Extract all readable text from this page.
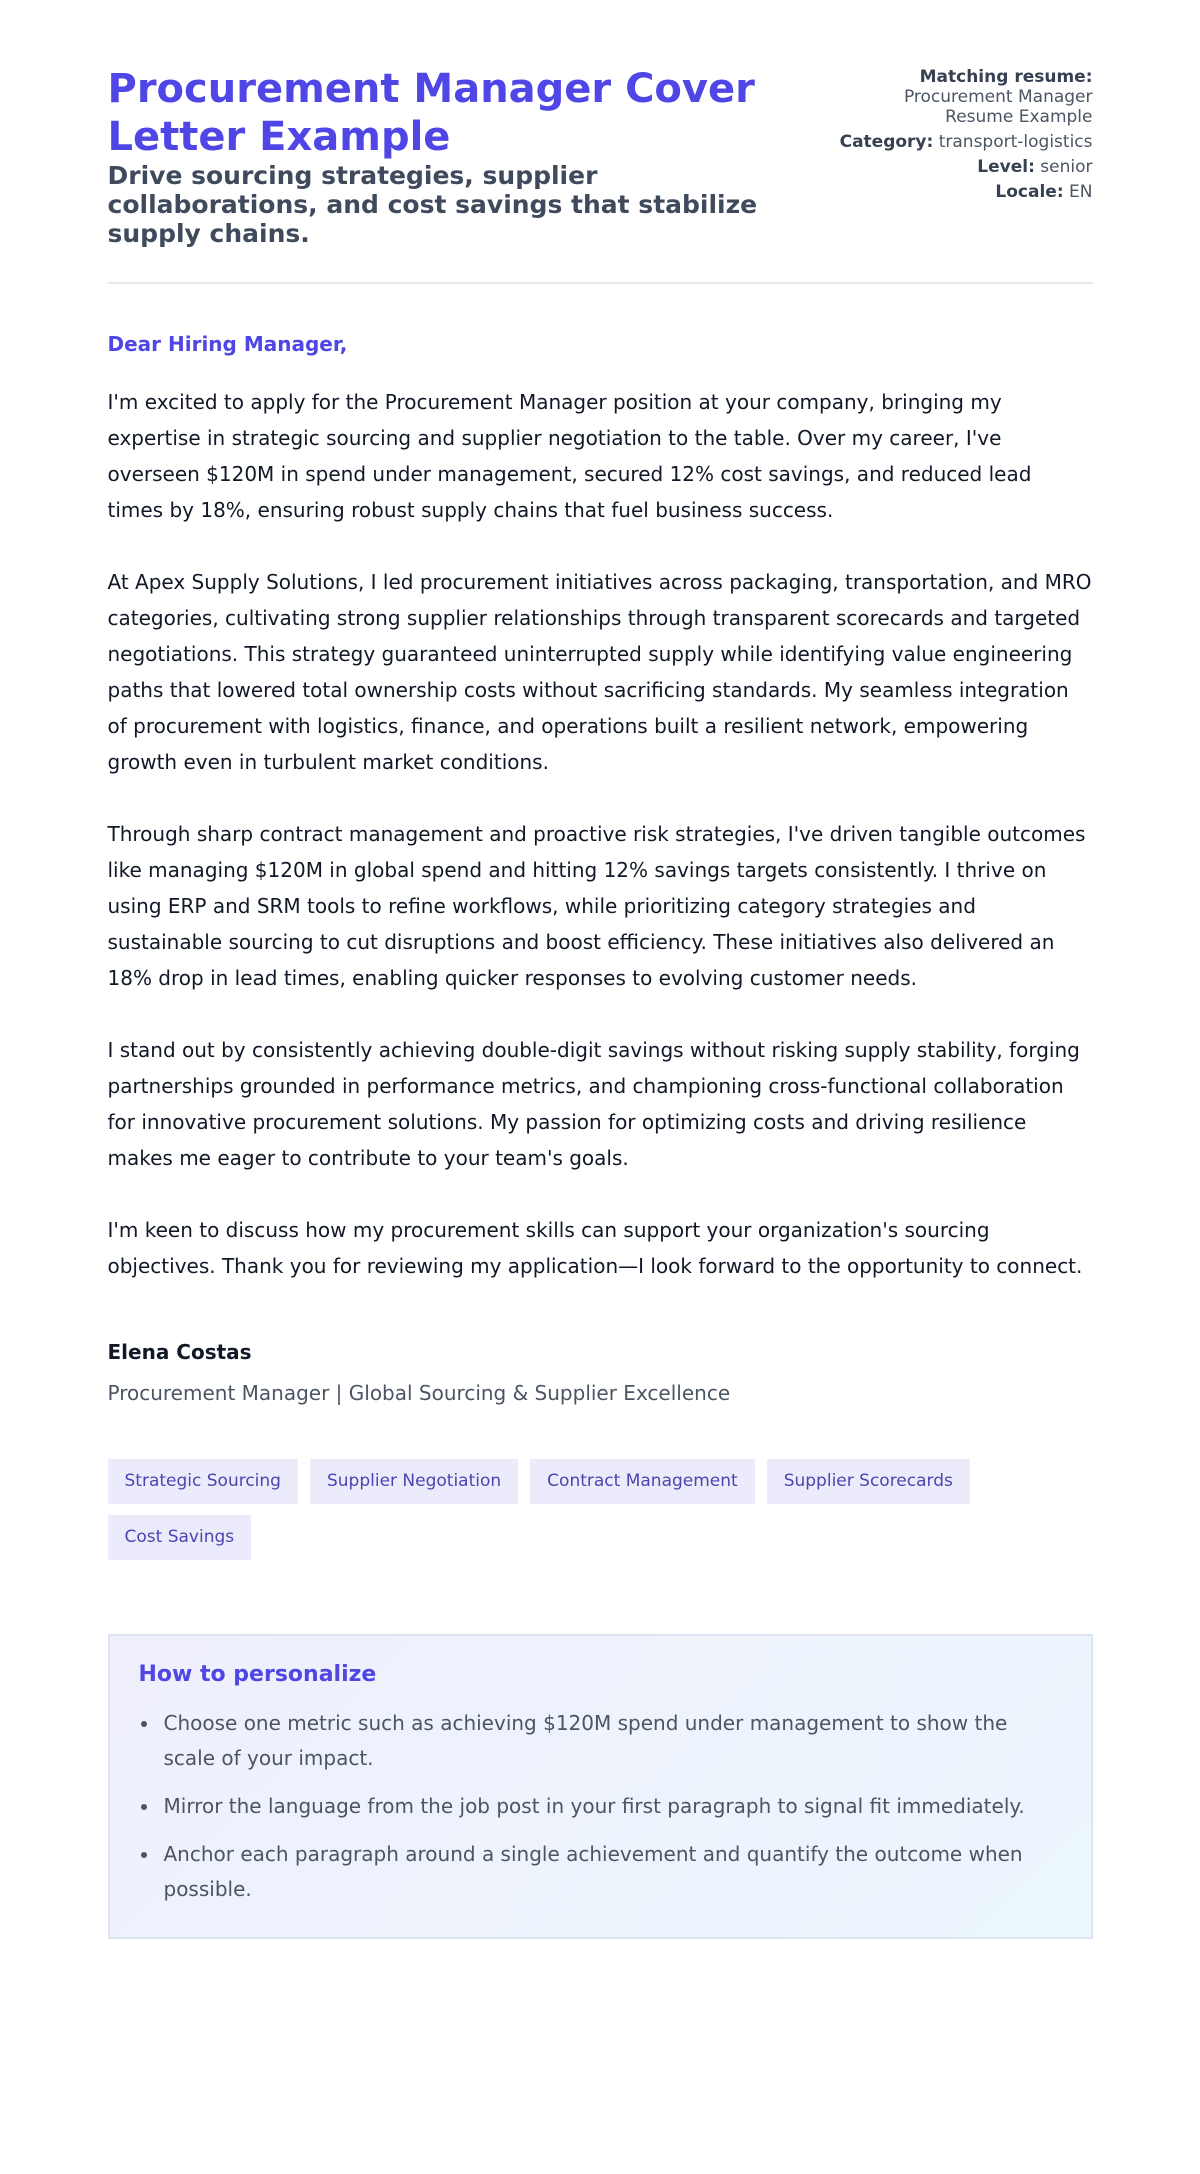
Procurement Manager Cover Letter Example
Drive sourcing strategies, supplier collaborations, and cost savings that stabilize supply chains.
Matching resume:
Procurement Manager Resume Example
Category: transport-logistics
Level: senior
Locale: EN

Dear Hiring Manager,

I'm excited to apply for the Procurement Manager position at your company, bringing my expertise in strategic sourcing and supplier negotiation to the table. Over my career, I've overseen $120M in spend under management, secured 12% cost savings, and reduced lead times by 18%, ensuring robust supply chains that fuel business success.

At Apex Supply Solutions, I led procurement initiatives across packaging, transportation, and MRO categories, cultivating strong supplier relationships through transparent scorecards and targeted negotiations. This strategy guaranteed uninterrupted supply while identifying value engineering paths that lowered total ownership costs without sacrificing standards. My seamless integration of procurement with logistics, finance, and operations built a resilient network, empowering growth even in turbulent market conditions.

Through sharp contract management and proactive risk strategies, I've driven tangible outcomes like managing $120M in global spend and hitting 12% savings targets consistently. I thrive on using ERP and SRM tools to refine workflows, while prioritizing category strategies and sustainable sourcing to cut disruptions and boost efficiency. These initiatives also delivered an 18% drop in lead times, enabling quicker responses to evolving customer needs.

I stand out by consistently achieving double-digit savings without risking supply stability, forging partnerships grounded in performance metrics, and championing cross-functional collaboration for innovative procurement solutions. My passion for optimizing costs and driving resilience makes me eager to contribute to your team's goals.

I'm keen to discuss how my procurement skills can support your organization's sourcing objectives. Thank you for reviewing my application—I look forward to the opportunity to connect.

Elena Costas
Procurement Manager | Global Sourcing & Supplier Excellence
Strategic Sourcing	Supplier Negotiation	Contract Management	Supplier Scorecards
Cost Savings
How to personalize
Choose one metric such as achieving $120M spend under management to show the scale of your impact.
Mirror the language from the job post in your first paragraph to signal fit immediately.
Anchor each paragraph around a single achievement and quantify the outcome when possible.
